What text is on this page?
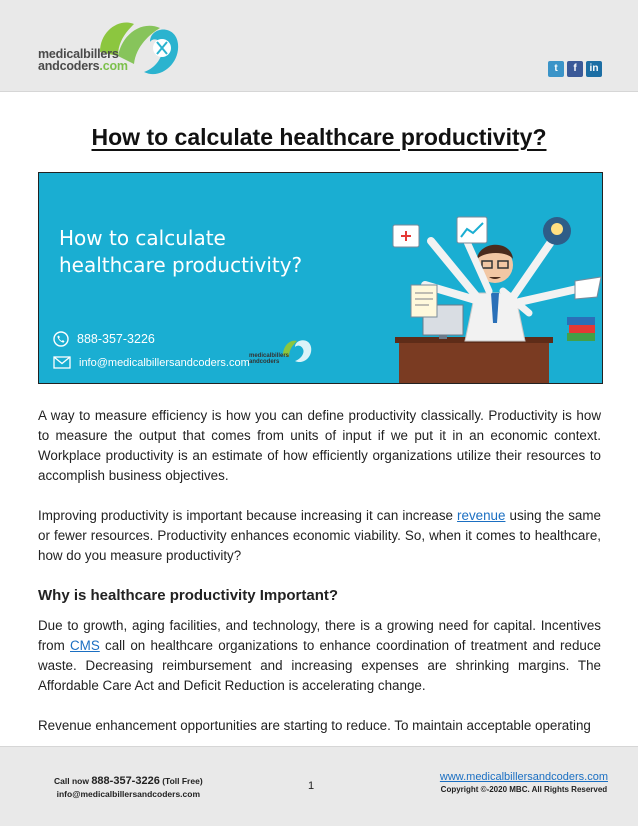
medicalbillers
andcoders.com	t	f	in
How to calculate healthcare productivity?
How to calculate
healthcare productivity?
888-357-3226
info@medicalbillersandcoders.com
medicalbillers
andcoders

A way to measure efficiency is how you can define productivity classically. Productivity is how to measure the output that comes from units of input if we put it in an economic context. Workplace productivity is an estimate of how efficiently organizations utilize their resources to accomplish business objectives.

Improving productivity is important because increasing it can increase revenue using the same or fewer resources. Productivity enhances economic viability. So, when it comes to healthcare, how do you measure productivity?

Why is healthcare productivity Important?

Due to growth, aging facilities, and technology, there is a growing need for capital. Incentives from CMS call on healthcare organizations to enhance coordination of treatment and reduce waste. Decreasing reimbursement and increasing expenses are shrinking margins. The Affordable Care Act and Deficit Reduction is accelerating change.

Revenue enhancement opportunities are starting to reduce. To maintain acceptable operating

Call now 888-357-3226 (Toll Free)
info@medicalbillersandcoders.com
1
www.medicalbillersandcoders.com
Copyright ©-2020 MBC. All Rights Reserved
